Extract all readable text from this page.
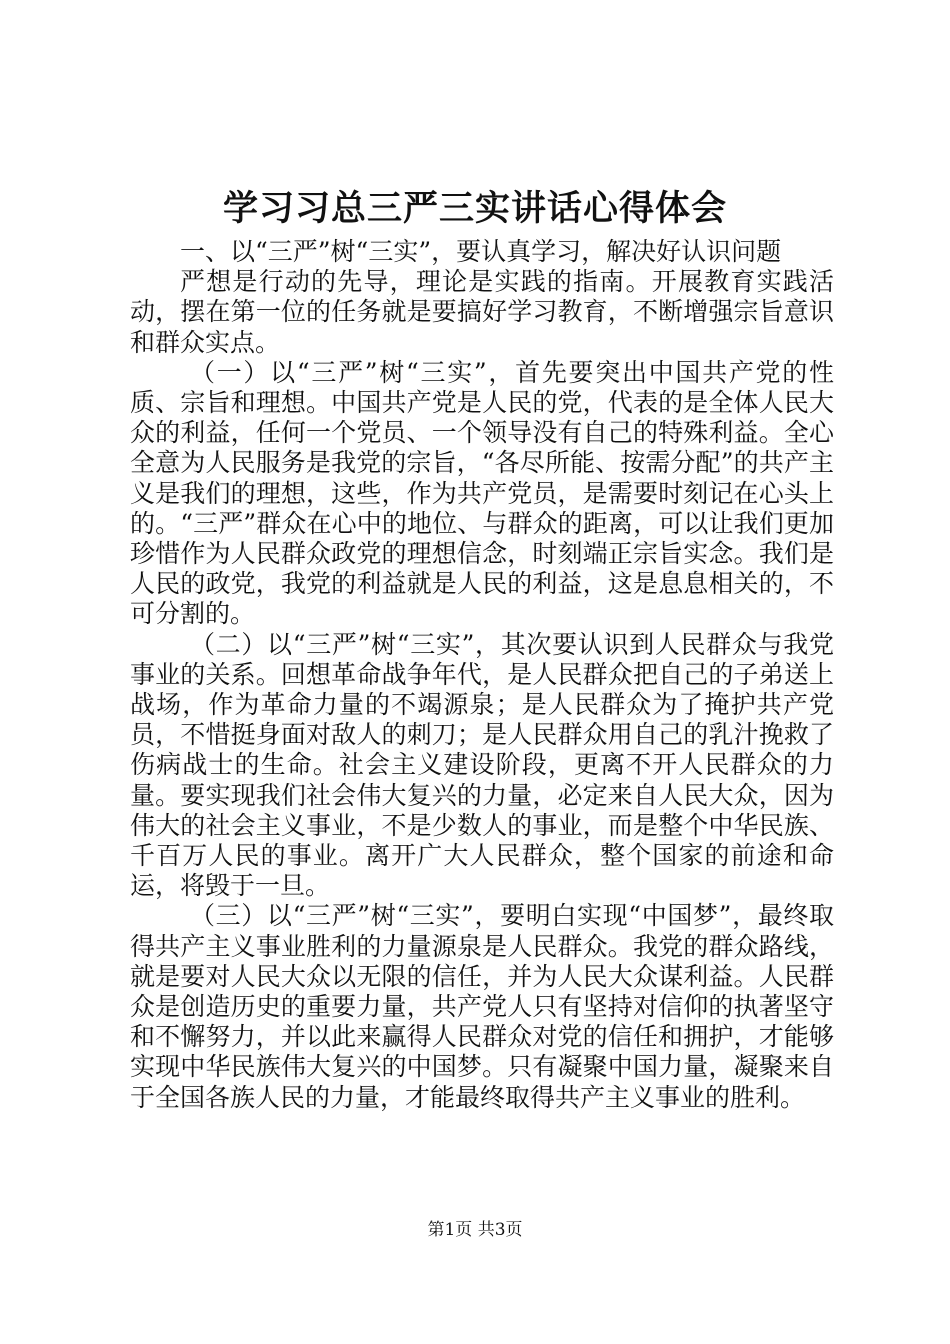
学习习总三严三实讲话心得体会

一、以“三严”树“三实”，要认真学习，解决好认识问题

严想是行动的先导，理论是实践的指南。开展教育实践活动，摆在第一位的任务就是要搞好学习教育，不断增强宗旨意识和群众实点。

（一）以“三严”树“三实”，首先要突出中国共产党的性质、宗旨和理想。中国共产党是人民的党，代表的是全体人民大众的利益，任何一个党员、一个领导没有自己的特殊利益。全心全意为人民服务是我党的宗旨，“各尽所能、按需分配”的共产主义是我们的理想，这些，作为共产党员，是需要时刻记在心头上的。“三严”群众在心中的地位、与群众的距离，可以让我们更加珍惜作为人民群众政党的理想信念，时刻端正宗旨实念。我们是人民的政党，我党的利益就是人民的利益，这是息息相关的，不可分割的。

（二）以“三严”树“三实”，其次要认识到人民群众与我党事业的关系。回想革命战争年代，是人民群众把自己的子弟送上战场，作为革命力量的不竭源泉；是人民群众为了掩护共产党员，不惜挺身面对敌人的刺刀；是人民群众用自己的乳汁挽救了伤病战士的生命。社会主义建设阶段，更离不开人民群众的力量。要实现我们社会伟大复兴的力量，必定来自人民大众，因为伟大的社会主义事业，不是少数人的事业，而是整个中华民族、千百万人民的事业。离开广大人民群众，整个国家的前途和命运，将毁于一旦。

（三）以“三严”树“三实”，要明白实现“中国梦”，最终取得共产主义事业胜利的力量源泉是人民群众。我党的群众路线，就是要对人民大众以无限的信任，并为人民大众谋利益。人民群众是创造历史的重要力量，共产党人只有坚持对信仰的执著坚守和不懈努力，并以此来赢得人民群众对党的信任和拥护，才能够实现中华民族伟大复兴的中国梦。只有凝聚中国力量，凝聚来自于全国各族人民的力量，才能最终取得共产主义事业的胜利。

第1页 共3页
